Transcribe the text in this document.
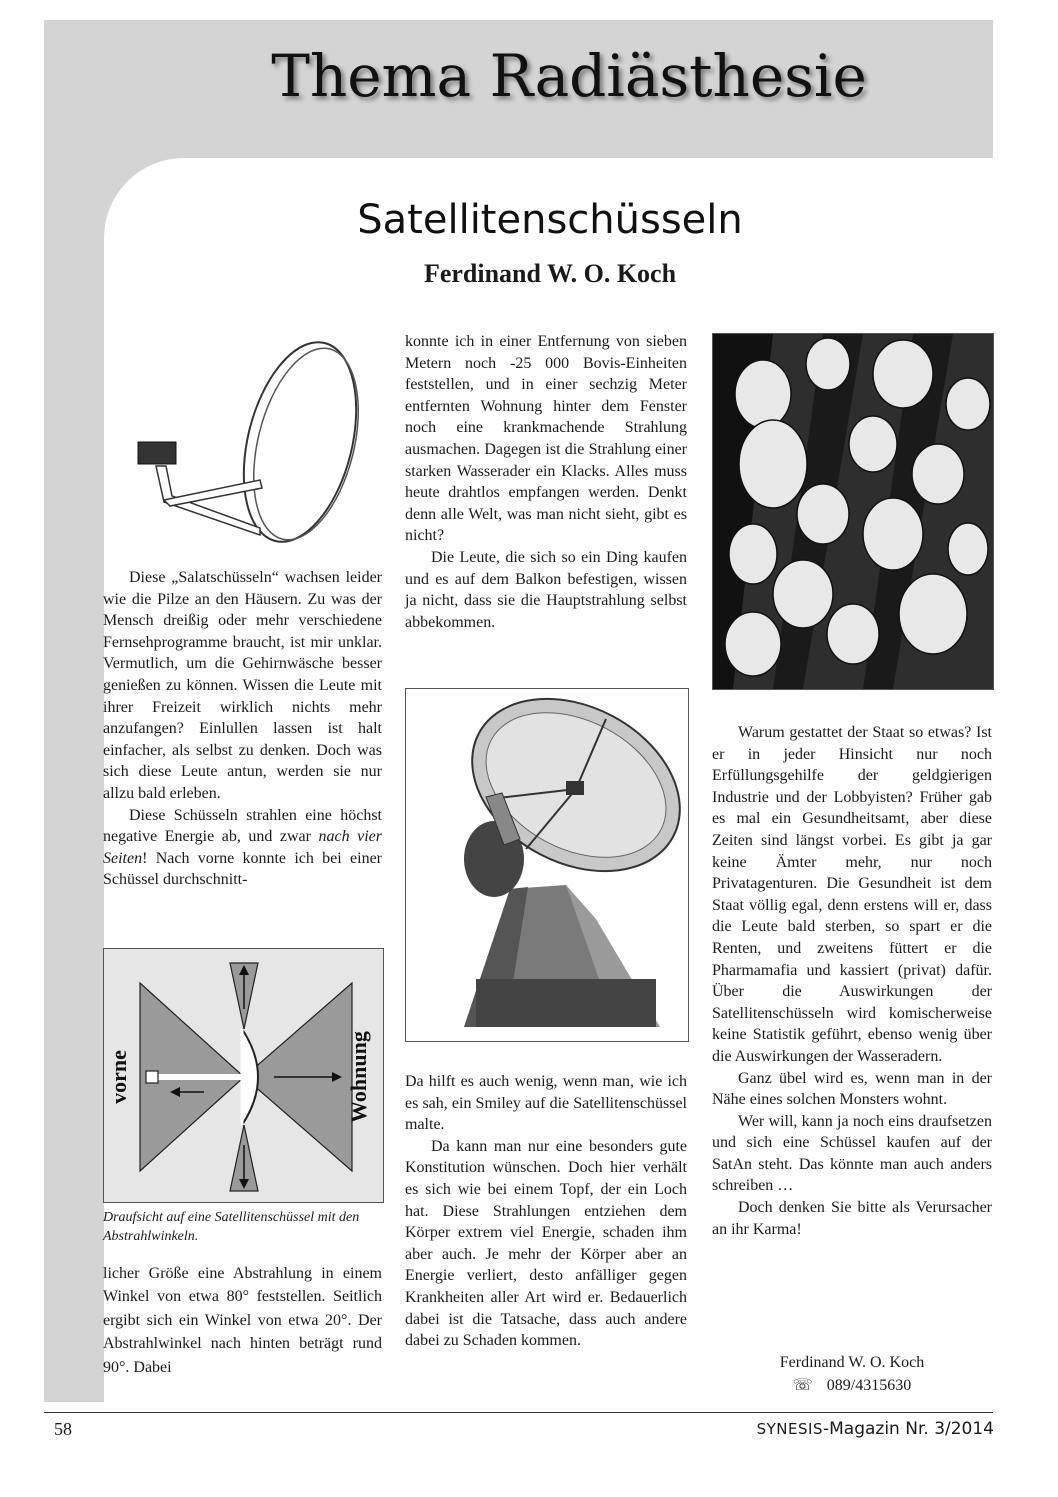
Thema Radiästhesie
Satellitenschüsseln
Ferdinand W. O. Koch

Diese „Salatschüsseln“ wachsen leider wie die Pilze an den Häusern. Zu was der Mensch dreißig oder mehr verschiedene Fernsehprogramme braucht, ist mir unklar. Vermutlich, um die Gehirnwäsche besser genießen zu können. Wissen die Leute mit ihrer Freizeit wirklich nichts mehr anzufangen? Einlullen lassen ist halt einfacher, als selbst zu denken. Doch was sich diese Leute antun, werden sie nur allzu bald erleben.

Diese Schüsseln strahlen eine höchst negative Energie ab, und zwar nach vier Seiten! Nach vorne konnte ich bei einer Schüssel durchschnitt-

vorne	Wohnung
Draufsicht auf eine Satellitenschüssel mit den Abstrahlwinkeln.

licher Größe eine Abstrahlung in einem Winkel von etwa 80° feststellen. Seitlich ergibt sich ein Winkel von etwa 20°. Der Abstrahlwinkel nach hinten beträgt rund 90°. Dabei

konnte ich in einer Entfernung von sieben Metern noch -25 000 Bovis-Einheiten feststellen, und in einer sechzig Meter entfernten Wohnung hinter dem Fenster noch eine krankmachende Strahlung ausmachen. Dagegen ist die Strahlung einer starken Wasserader ein Klacks. Alles muss heute drahtlos empfangen werden. Denkt denn alle Welt, was man nicht sieht, gibt es nicht?

Die Leute, die sich so ein Ding kaufen und es auf dem Balkon befestigen, wissen ja nicht, dass sie die Hauptstrahlung selbst abbekommen.

Da hilft es auch wenig, wenn man, wie ich es sah, ein Smiley auf die Satellitenschüssel malte.

Da kann man nur eine besonders gute Konstitution wünschen. Doch hier verhält es sich wie bei einem Topf, der ein Loch hat. Diese Strahlungen entziehen dem Körper extrem viel Energie, schaden ihm aber auch. Je mehr der Körper aber an Energie verliert, desto anfälliger gegen Krankheiten aller Art wird er. Bedauerlich dabei ist die Tatsache, dass auch andere dabei zu Schaden kommen.

Warum gestattet der Staat so etwas? Ist er in jeder Hinsicht nur noch Erfüllungsgehilfe der geldgierigen Industrie und der Lobbyisten? Früher gab es mal ein Gesundheitsamt, aber diese Zeiten sind längst vorbei. Es gibt ja gar keine Ämter mehr, nur noch Privatagenturen. Die Gesundheit ist dem Staat völlig egal, denn erstens will er, dass die Leute bald sterben, so spart er die Renten, und zweitens füttert er die Pharmamafia und kassiert (privat) dafür. Über die Auswirkungen der Satellitenschüsseln wird komischerweise keine Statistik geführt, ebenso wenig über die Auswirkungen der Wasseradern.

Ganz übel wird es, wenn man in der Nähe eines solchen Monsters wohnt.

Wer will, kann ja noch eins draufsetzen und sich eine Schüssel kaufen auf der SatAn steht. Das könnte man auch anders schreiben …

Doch denken Sie bitte als Verursacher an ihr Karma!

Ferdinand W. O. Koch
☏ 089/4315630
58	SYNESIS-Magazin Nr. 3/2014
